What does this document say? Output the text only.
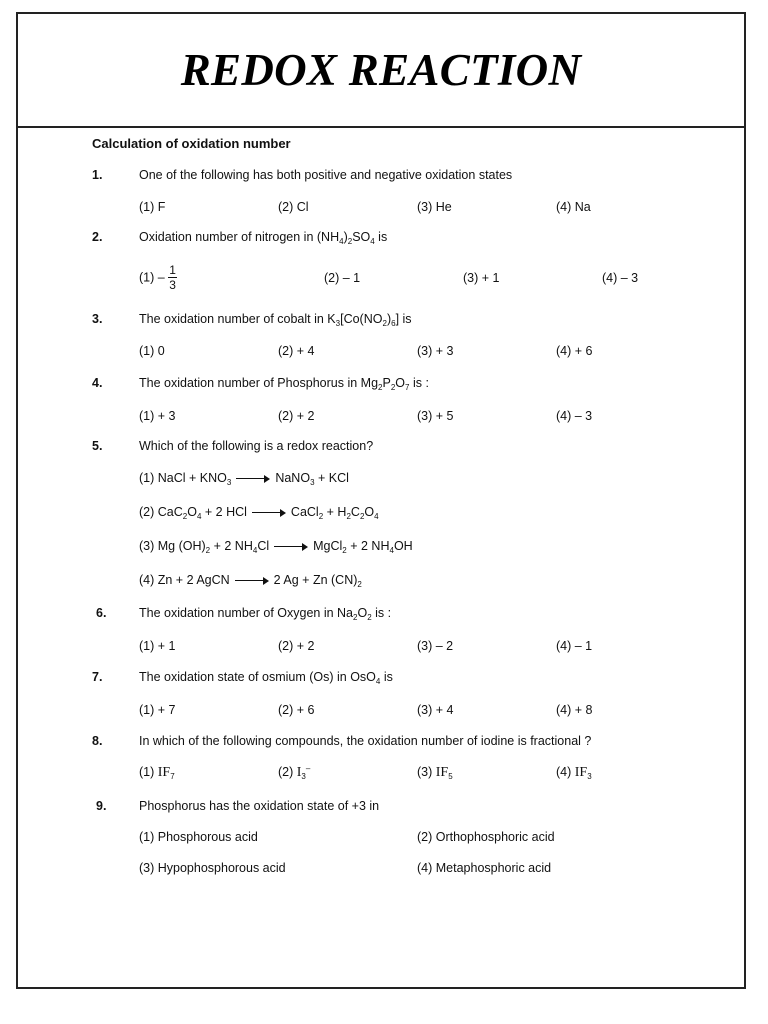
REDOX REACTION
Calculation of oxidation number
1.	One of the following has both positive and negative oxidation states
(1) F	(2) Cl	(3) He	(4) Na
2.	Oxidation number of nitrogen in $(NH_4)_2SO_4$ is
$(1) - \frac{1}{3}$	(2) – 1	(3) + 1	(4) – 3
3.	The oxidation number of cobalt in $K_3[Co(NO_2)_6]$ is
(1) 0	(2) + 4	(3) + 3	(4) + 6
4.	The oxidation number of Phosphorus in $Mg_2P_2O_7$ is :
(1) + 3	(2) + 2	(3) + 5	(4) – 3
5.	Which of the following is a redox reaction?
(1) NaCl + $KNO_3$	NaNO$_3$ + KCl
(2) $CaC_2O_4 + 2$ HCl	CaCl$_2$ + $H_2C_2O_4$
(3) Mg $(OH)_2 + 2$ $NH_4Cl$	MgCl$_2$ + 2 $NH_4OH$
(4) Zn + 2 AgCN	2 Ag + Zn $(CN)_2$
6.	The oxidation number of Oxygen in $Na_2O_2$ is :
(1) + 1	(2) + 2	(3) – 2	(4) – 1
7.	The oxidation state of osmium (Os) in OsO$_4$ is
(1) + 7	(2) + 6	(3) + 4	(4) + 8
8.	In which of the following compounds, the oxidation number of iodine is fractional ?
(1) $IF_7$	(2) $I_3^-$	(3) $IF_5$	(4) $IF_3$
9.	Phosphorus has the oxidation state of +3 in
(1) Phosphorous acid	(2) Orthophosphoric acid
(3) Hypophosphorous acid	(4) Metaphosphoric acid
